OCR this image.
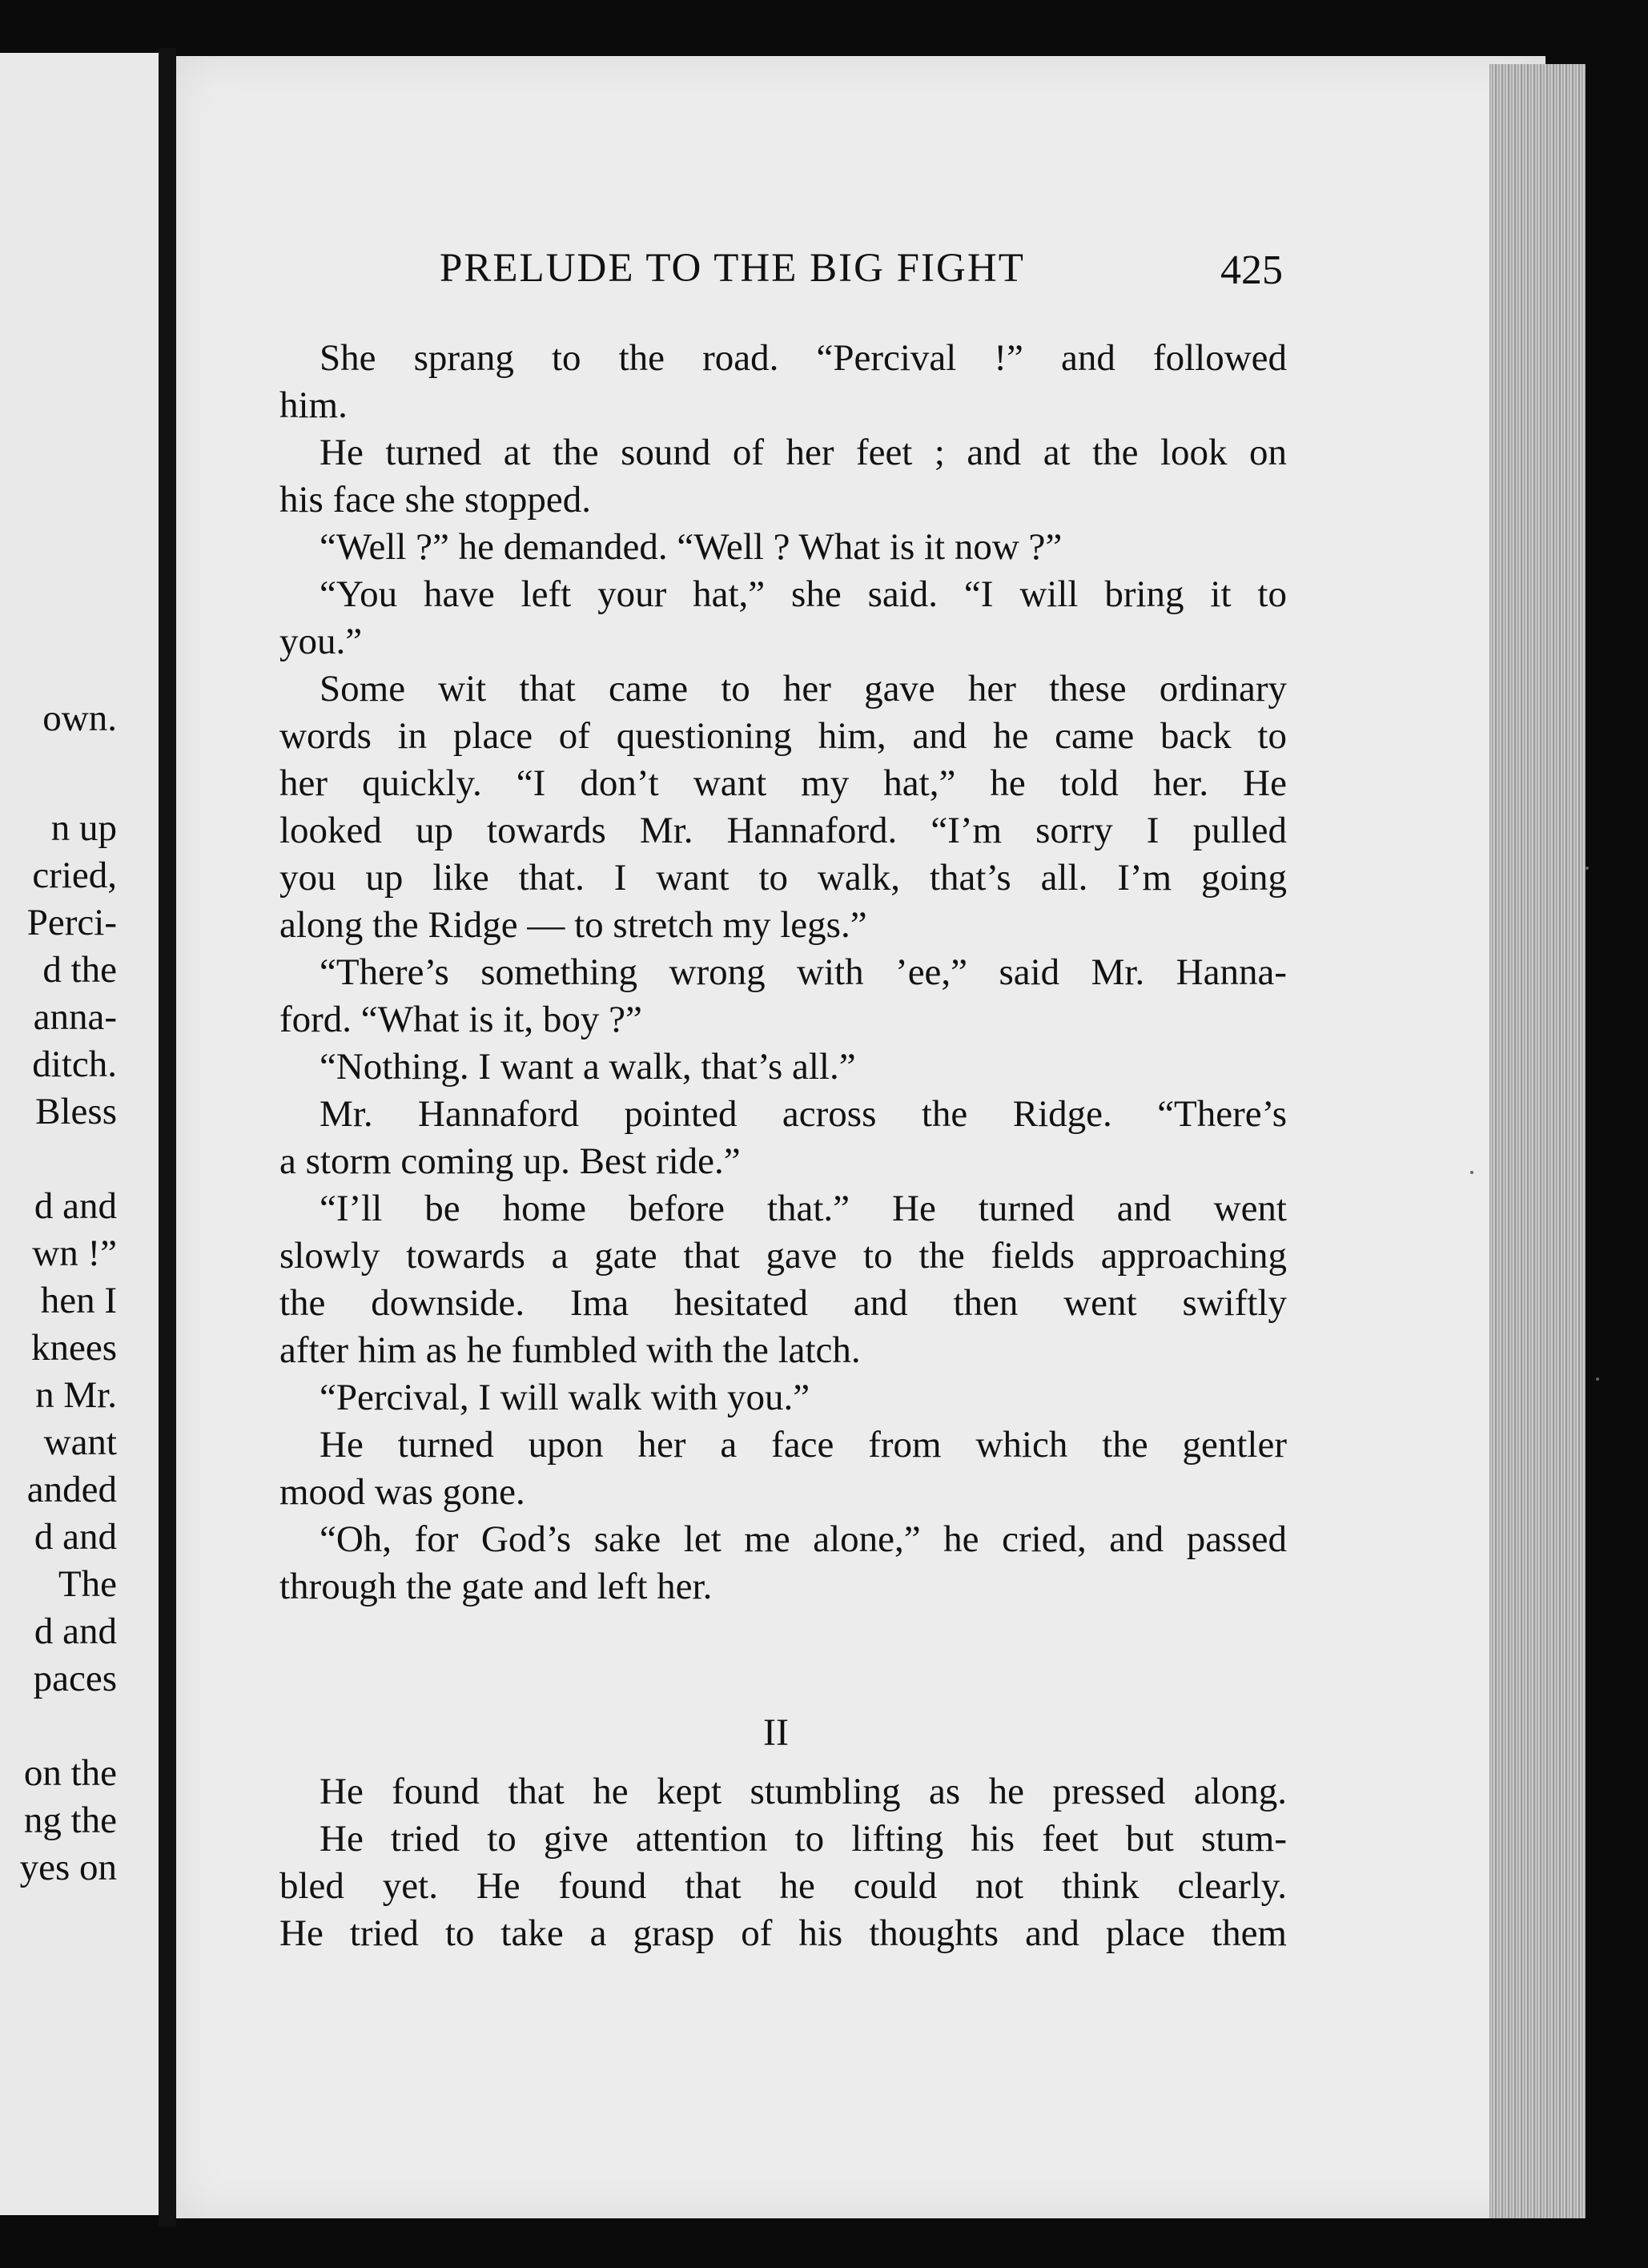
own.
n up
cried,
Perci-
d the
anna-
ditch.
Bless
d and
wn !”
hen I
knees
n Mr.
want
anded
d and
The
d and
paces
on the
ng the
yes on
PRELUDE TO THE BIG FIGHT	425
She sprang to the road. “Percival !” and followed
him.
He turned at the sound of her feet ; and at the look on
his face she stopped.
“Well ?” he demanded. “Well ? What is it now ?”
“You have left your hat,” she said. “I will bring it to
you.”
Some wit that came to her gave her these ordinary
words in place of questioning him, and he came back to
her quickly. “I don’t want my hat,” he told her. He
looked up towards Mr. Hannaford. “I’m sorry I pulled
you up like that. I want to walk, that’s all. I’m going
along the Ridge — to stretch my legs.”
“There’s something wrong with ’ee,” said Mr. Hanna-
ford. “What is it, boy ?”
“Nothing. I want a walk, that’s all.”
Mr. Hannaford pointed across the Ridge. “There’s
a storm coming up. Best ride.”
“I’ll be home before that.” He turned and went
slowly towards a gate that gave to the fields approaching
the downside. Ima hesitated and then went swiftly
after him as he fumbled with the latch.
“Percival, I will walk with you.”
He turned upon her a face from which the gentler
mood was gone.
“Oh, for God’s sake let me alone,” he cried, and passed
through the gate and left her.
II
He found that he kept stumbling as he pressed along.
He tried to give attention to lifting his feet but stum-
bled yet. He found that he could not think clearly.
He tried to take a grasp of his thoughts and place them
